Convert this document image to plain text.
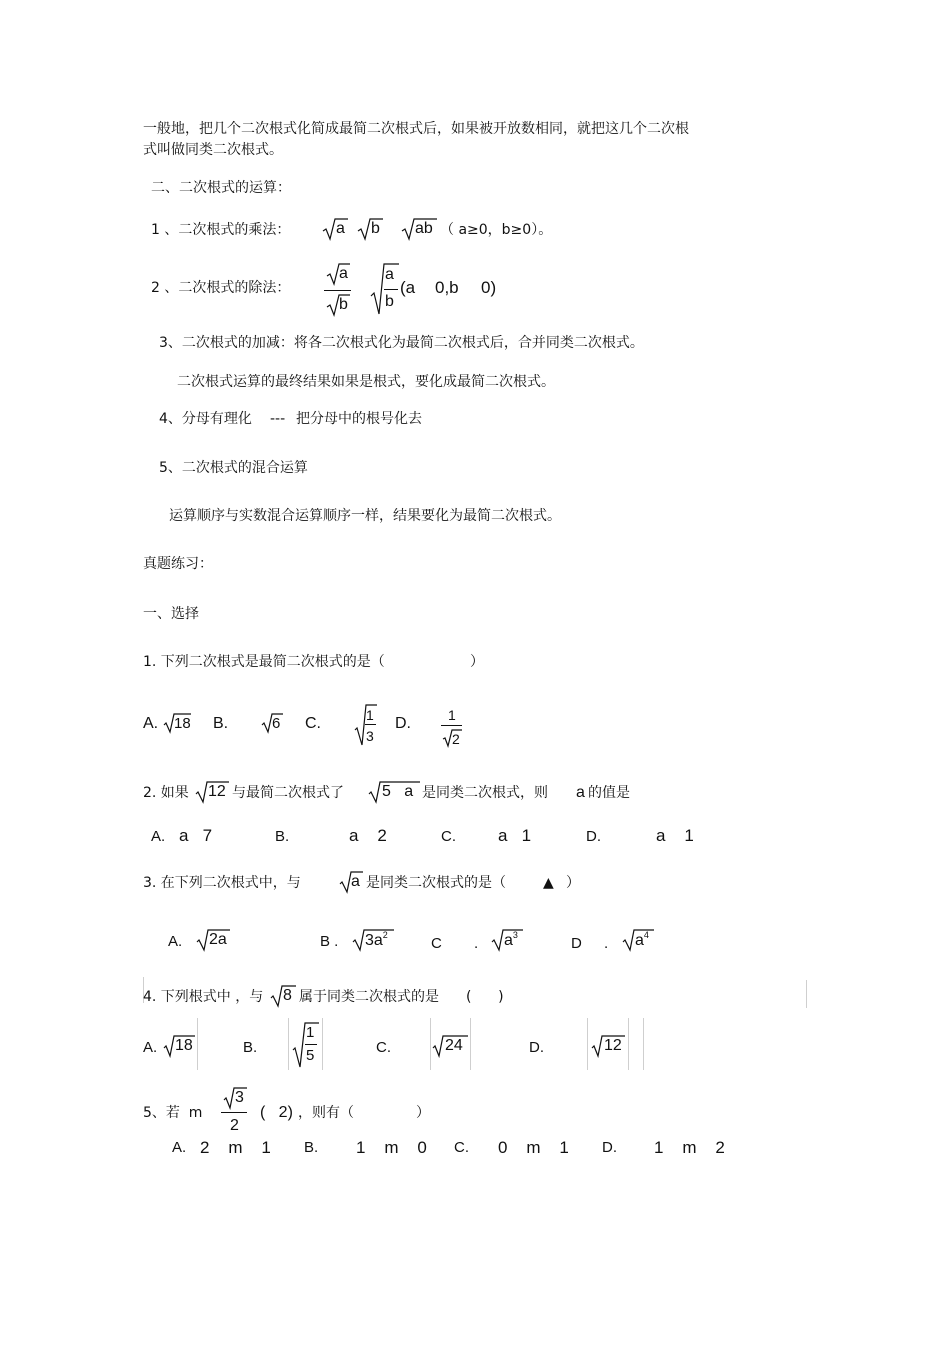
一般地，把几个二次根式化简成最简二次根式后，如果被开放数相同，就把这几个二次根
式叫做同类二次根式。
二、二次根式的运算：
1 、二次根式的乘法：	a b ab （ a≥0，b≥0）。
2 、二次根式的除法：
a
b
a
b
(a 0,b 0)
3、二次根式的加减：将各二次根式化为最简二次根式后，合并同类二次根式。
二次根式运算的最终结果如果是根式，要化成最简二次根式。
4、分母有理化 --- 把分母中的根号化去
5、二次根式的混合运算
运算顺序与实数混合运算顺序一样，结果要化为最简二次根式。
真题练习：
一、选择
1. 下列二次根式是最简二次根式的是（	）
A. 18 B.	6 C.	1
3
D.	1
2
2. 如果 12 与最简二次根式了 5   a 是同类二次根式，则 a 的值是
A. a   7	B.	a    2	C. a   1	D.	a    1
3. 在下列二次根式中，与	a 是同类二次根式的是（	▲ ）
A. 2a	B . $3a^2$	C . $a^3$	D . $a^4$
4. 下列根式中 ，与 8 属于同类二次根式的是 (      )
A. 18	B.
1
5	C.	24	D.	12
5、若  m
3
2
(   2) ，则有（	）
A. 2    m    1 B. 1    m    0 C. 0    m    1 D. 1    m    2
